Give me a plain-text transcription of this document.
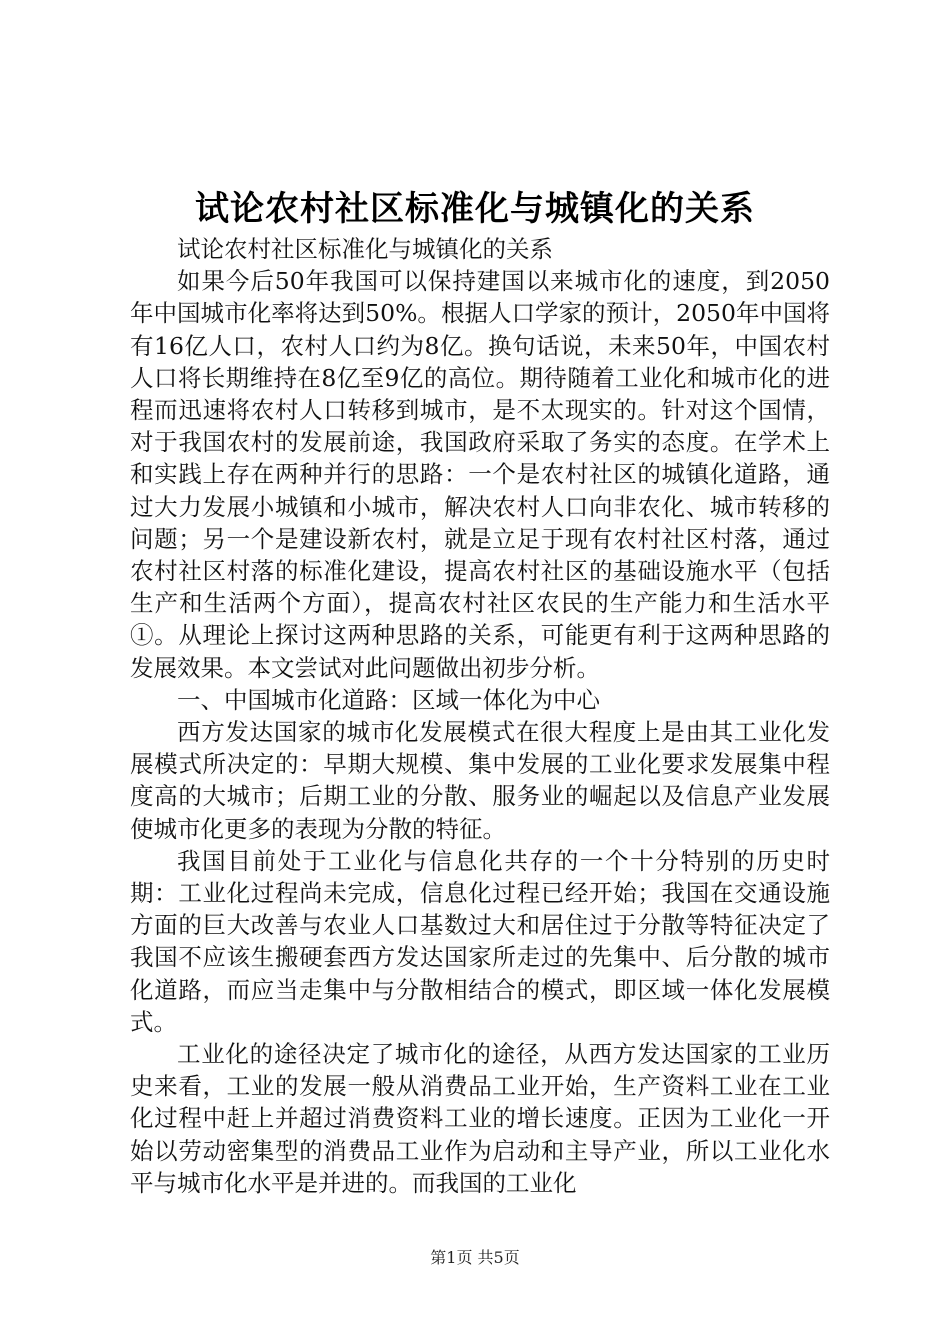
试论农村社区标准化与城镇化的关系

试论农村社区标准化与城镇化的关系

如果今后50年我国可以保持建国以来城市化的速度，到2050年中国城市化率将达到50%。根据人口学家的预计，2050年中国将有16亿人口，农村人口约为8亿。换句话说，未来50年，中国农村人口将长期维持在8亿至9亿的高位。期待随着工业化和城市化的进程而迅速将农村人口转移到城市，是不太现实的。针对这个国情，对于我国农村的发展前途，我国政府采取了务实的态度。在学术上和实践上存在两种并行的思路：一个是农村社区的城镇化道路，通过大力发展小城镇和小城市，解决农村人口向非农化、城市转移的问题；另一个是建设新农村，就是立足于现有农村社区村落，通过农村社区村落的标准化建设，提高农村社区的基础设施水平（包括生产和生活两个方面），提高农村社区农民的生产能力和生活水平①。从理论上探讨这两种思路的关系，可能更有利于这两种思路的发展效果。本文尝试对此问题做出初步分析。

一、中国城市化道路：区域一体化为中心

西方发达国家的城市化发展模式在很大程度上是由其工业化发展模式所决定的：早期大规模、集中发展的工业化要求发展集中程度高的大城市；后期工业的分散、服务业的崛起以及信息产业发展使城市化更多的表现为分散的特征。

我国目前处于工业化与信息化共存的一个十分特别的历史时期：工业化过程尚未完成，信息化过程已经开始；我国在交通设施方面的巨大改善与农业人口基数过大和居住过于分散等特征决定了我国不应该生搬硬套西方发达国家所走过的先集中、后分散的城市化道路，而应当走集中与分散相结合的模式，即区域一体化发展模式。

工业化的途径决定了城市化的途径，从西方发达国家的工业历史来看，工业的发展一般从消费品工业开始，生产资料工业在工业化过程中赶上并超过消费资料工业的增长速度。正因为工业化一开始以劳动密集型的消费品工业作为启动和主导产业，所以工业化水平与城市化水平是并进的。而我国的工业化

第1页 共5页
